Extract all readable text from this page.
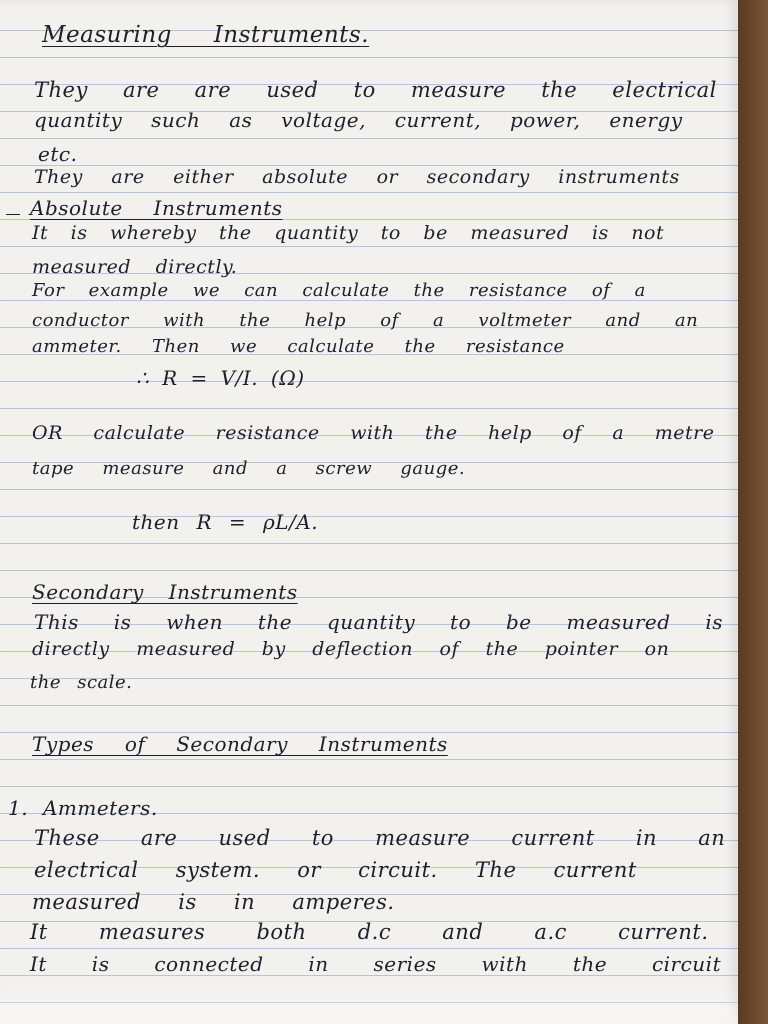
Measuring Instruments.
They are are used to measure the electrical
quantity such as voltage, current, power, energy
etc.
They are either absolute or secondary instruments
Absolute Instruments
It is whereby the quantity to be measured is not
measured directly.
For example we can calculate the resistance of a
conductor with the help of a voltmeter and an
ammeter. Then we calculate the resistance
∴ R = V/I. (Ω)
OR calculate resistance with the help of a metre
tape measure and a screw gauge.
then R = ρL/A.
Secondary Instruments
This is when the quantity to be measured is
directly measured by deflection of the pointer on
the scale.
Types of Secondary Instruments
1. Ammeters.
These are used to measure current in an
electrical system. or circuit. The current
measured is in amperes.
It measures both d.c and a.c current.
It is connected in series with the circuit
